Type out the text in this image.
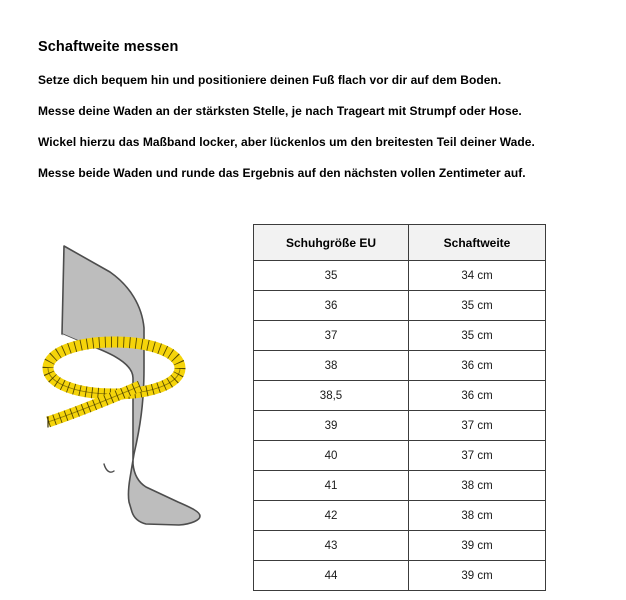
Schaftweite messen

Setze dich bequem hin und positioniere deinen Fuß flach vor dir auf dem Boden.

Messe deine Waden an der stärksten Stelle, je nach Trageart mit Strumpf oder Hose.

Wickel hierzu das Maßband locker, aber lückenlos um den breitesten Teil deiner Wade.

Messe beide Waden und runde das Ergebnis auf den nächsten vollen Zentimeter auf.

Schuhgröße EU	Schaftweite
35	34 cm
36	35 cm
37	35 cm
38	36 cm
38,5	36 cm
39	37 cm
40	37 cm
41	38 cm
42	38 cm
43	39 cm
44	39 cm
